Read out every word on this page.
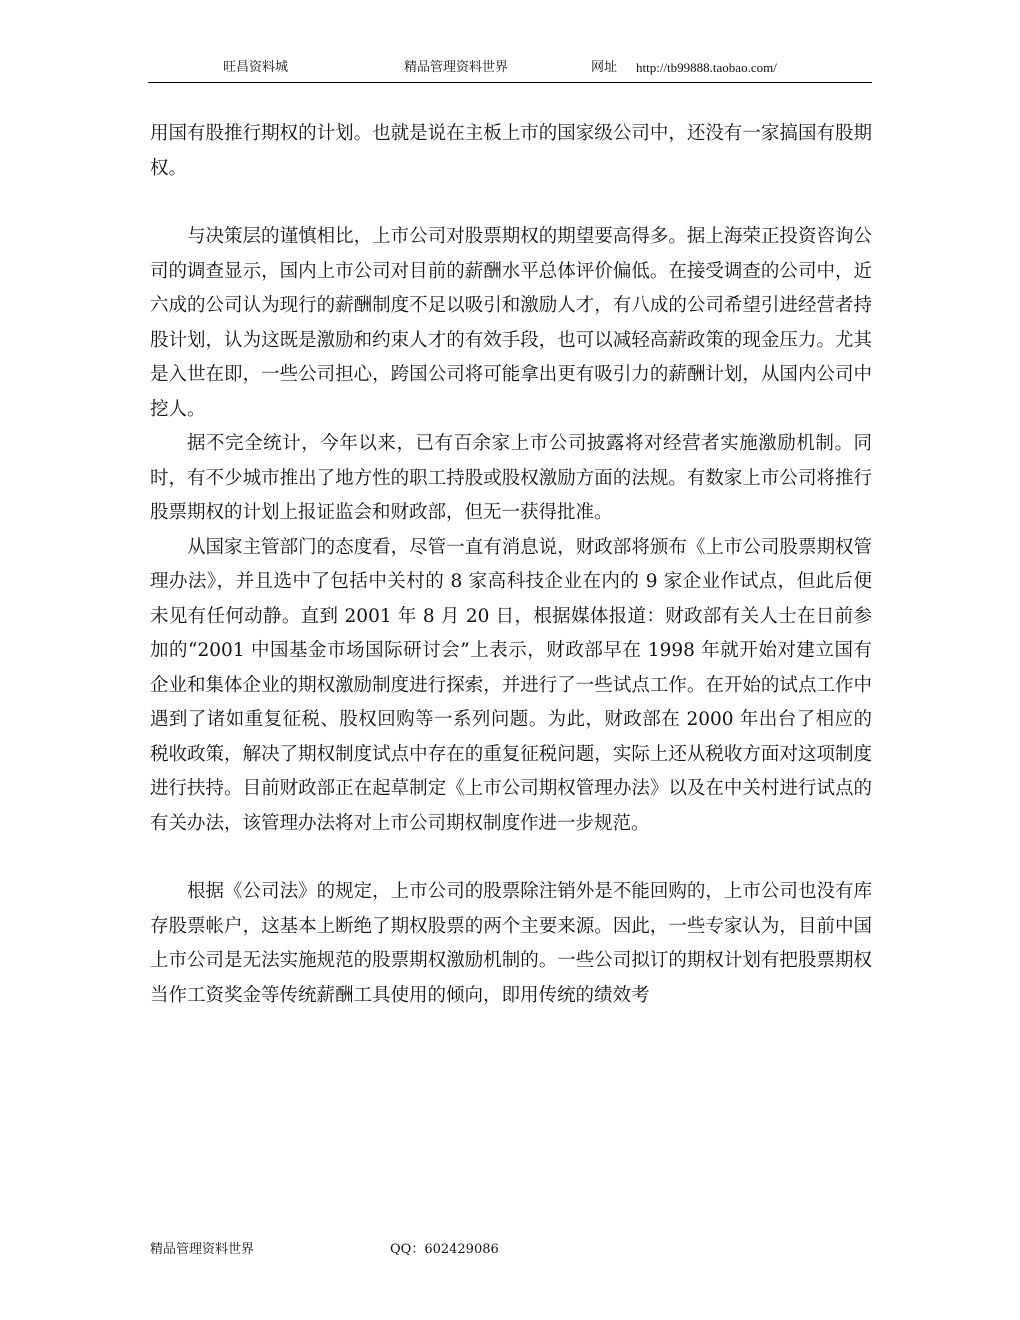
旺昌资料城	精品管理资料世界	网址 http://tb99888.taobao.com/

用国有股推行期权的计划。也就是说在主板上市的国家级公司中，还没有一家搞国有股期权。

与决策层的谨慎相比，上市公司对股票期权的期望要高得多。据上海荣正投资咨询公司的调查显示，国内上市公司对目前的薪酬水平总体评价偏低。在接受调查的公司中，近六成的公司认为现行的薪酬制度不足以吸引和激励人才，有八成的公司希望引进经营者持股计划，认为这既是激励和约束人才的有效手段，也可以减轻高薪政策的现金压力。尤其是入世在即，一些公司担心，跨国公司将可能拿出更有吸引力的薪酬计划，从国内公司中挖人。

据不完全统计，今年以来，已有百余家上市公司披露将对经营者实施激励机制。同时，有不少城市推出了地方性的职工持股或股权激励方面的法规。有数家上市公司将推行股票期权的计划上报证监会和财政部，但无一获得批准。

从国家主管部门的态度看，尽管一直有消息说，财政部将颁布《上市公司股票期权管理办法》，并且选中了包括中关村的 8 家高科技企业在内的 9 家企业作试点，但此后便未见有任何动静。直到 2001 年 8 月 20 日，根据媒体报道：财政部有关人士在日前参加的“2001 中国基金市场国际研讨会”上表示，财政部早在 1998 年就开始对建立国有企业和集体企业的期权激励制度进行探索，并进行了一些试点工作。在开始的试点工作中遇到了诸如重复征税、股权回购等一系列问题。为此，财政部在 2000 年出台了相应的税收政策，解决了期权制度试点中存在的重复征税问题，实际上还从税收方面对这项制度进行扶持。目前财政部正在起草制定《上市公司期权管理办法》以及在中关村进行试点的有关办法，该管理办法将对上市公司期权制度作进一步规范。

根据《公司法》的规定，上市公司的股票除注销外是不能回购的，上市公司也没有库存股票帐户，这基本上断绝了期权股票的两个主要来源。因此，一些专家认为，目前中国上市公司是无法实施规范的股票期权激励机制的。一些公司拟订的期权计划有把股票期权当作工资奖金等传统薪酬工具使用的倾向，即用传统的绩效考

精品管理资料世界	QQ：602429086
